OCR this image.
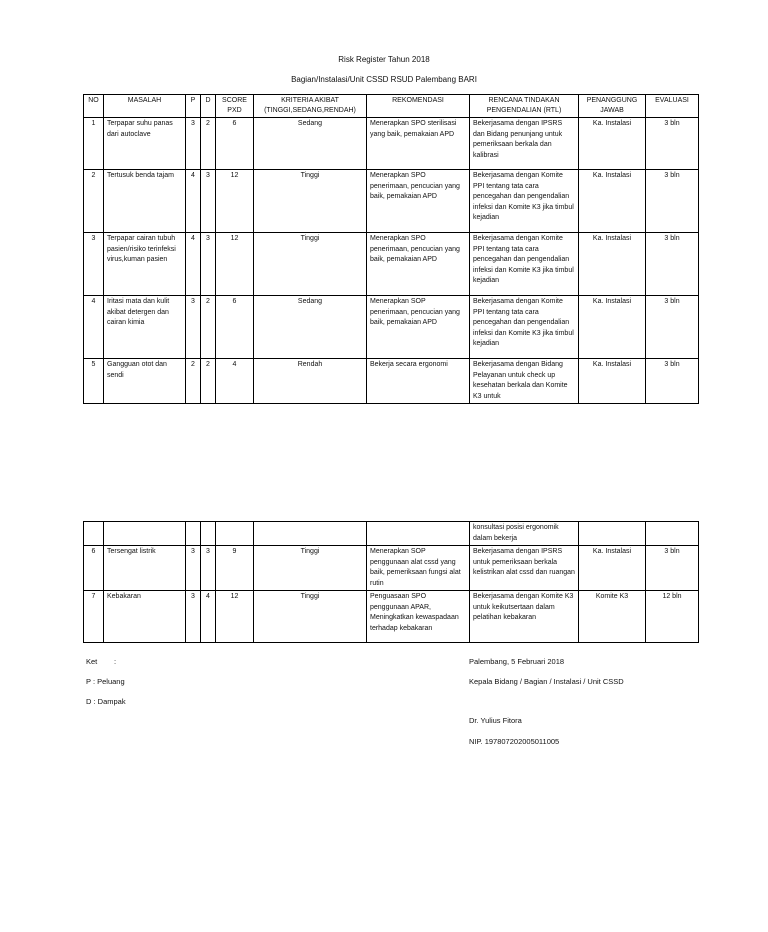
Risk Register Tahun 2018
Bagian/Instalasi/Unit CSSD RSUD Palembang BARI
NO	MASALAH	P	D	SCORE PXD	KRITERIA AKIBAT (TINGGI,SEDANG,RENDAH)	REKOMENDASI	RENCANA TINDAKAN PENGENDALIAN (RTL)	PENANGGUNG JAWAB	EVALUASI
1	Terpapar suhu panas dari autoclave	3	2	6	Sedang	Menerapkan SPO sterilisasi yang baik, pemakaian APD	Bekerjasama dengan IPSRS dan Bidang penunjang untuk pemeriksaan berkala dan kalibrasi	Ka. Instalasi	3 bln
2	Tertusuk benda tajam	4	3	12	Tinggi	Menerapkan SPO penerimaan, pencucian yang baik, pemakaian APD	Bekerjasama dengan Komite PPI tentang tata cara pencegahan dan pengendalian infeksi dan Komite K3 jika timbul kejadian	Ka. Instalasi	3 bln
3	Terpapar cairan tubuh pasien/risiko terinfeksi virus,kuman pasien	4	3	12	Tinggi	Menerapkan SPO penerimaan, pencucian yang baik, pemakaian APD	Bekerjasama dengan Komite PPI tentang tata cara pencegahan dan pengendalian infeksi dan Komite K3 jika timbul kejadian	Ka. Instalasi	3 bln
4	Iritasi mata dan kulit akibat detergen dan cairan kimia	3	2	6	Sedang	Menerapkan SOP penerimaan, pencucian yang baik, pemakaian APD	Bekerjasama dengan Komite PPI tentang tata cara pencegahan dan pengendalian infeksi dan Komite K3 jika timbul kejadian	Ka. Instalasi	3 bln
5	Gangguan otot dan sendi	2	2	4	Rendah	Bekerja secara ergonomi	Bekerjasama dengan Bidang Pelayanan untuk check up kesehatan berkala dan Komite K3 untuk	Ka. Instalasi	3 bln
							konsultasi posisi ergonomik dalam bekerja		
6	Tersengat listrik	3	3	9	Tinggi	Menerapkan SOP penggunaan alat cssd yang baik, pemeriksaan fungsi alat rutin	Bekerjasama dengan IPSRS untuk pemeriksaan berkala kelistrikan alat cssd dan ruangan	Ka. Instalasi	3 bln
7	Kebakaran	3	4	12	Tinggi	Penguasaan SPO penggunaan APAR, Meningkatkan kewaspadaan terhadap kebakaran	Bekerjasama dengan Komite K3 untuk keikutsertaan dalam pelatihan kebakaran	Komite K3	12 bln
Ket :
P : Peluang
D : Dampak
Palembang, 5 Februari 2018
Kepala Bidang / Bagian / Instalasi / Unit CSSD
Dr. Yulius Fitora
NIP. 197807202005011005
